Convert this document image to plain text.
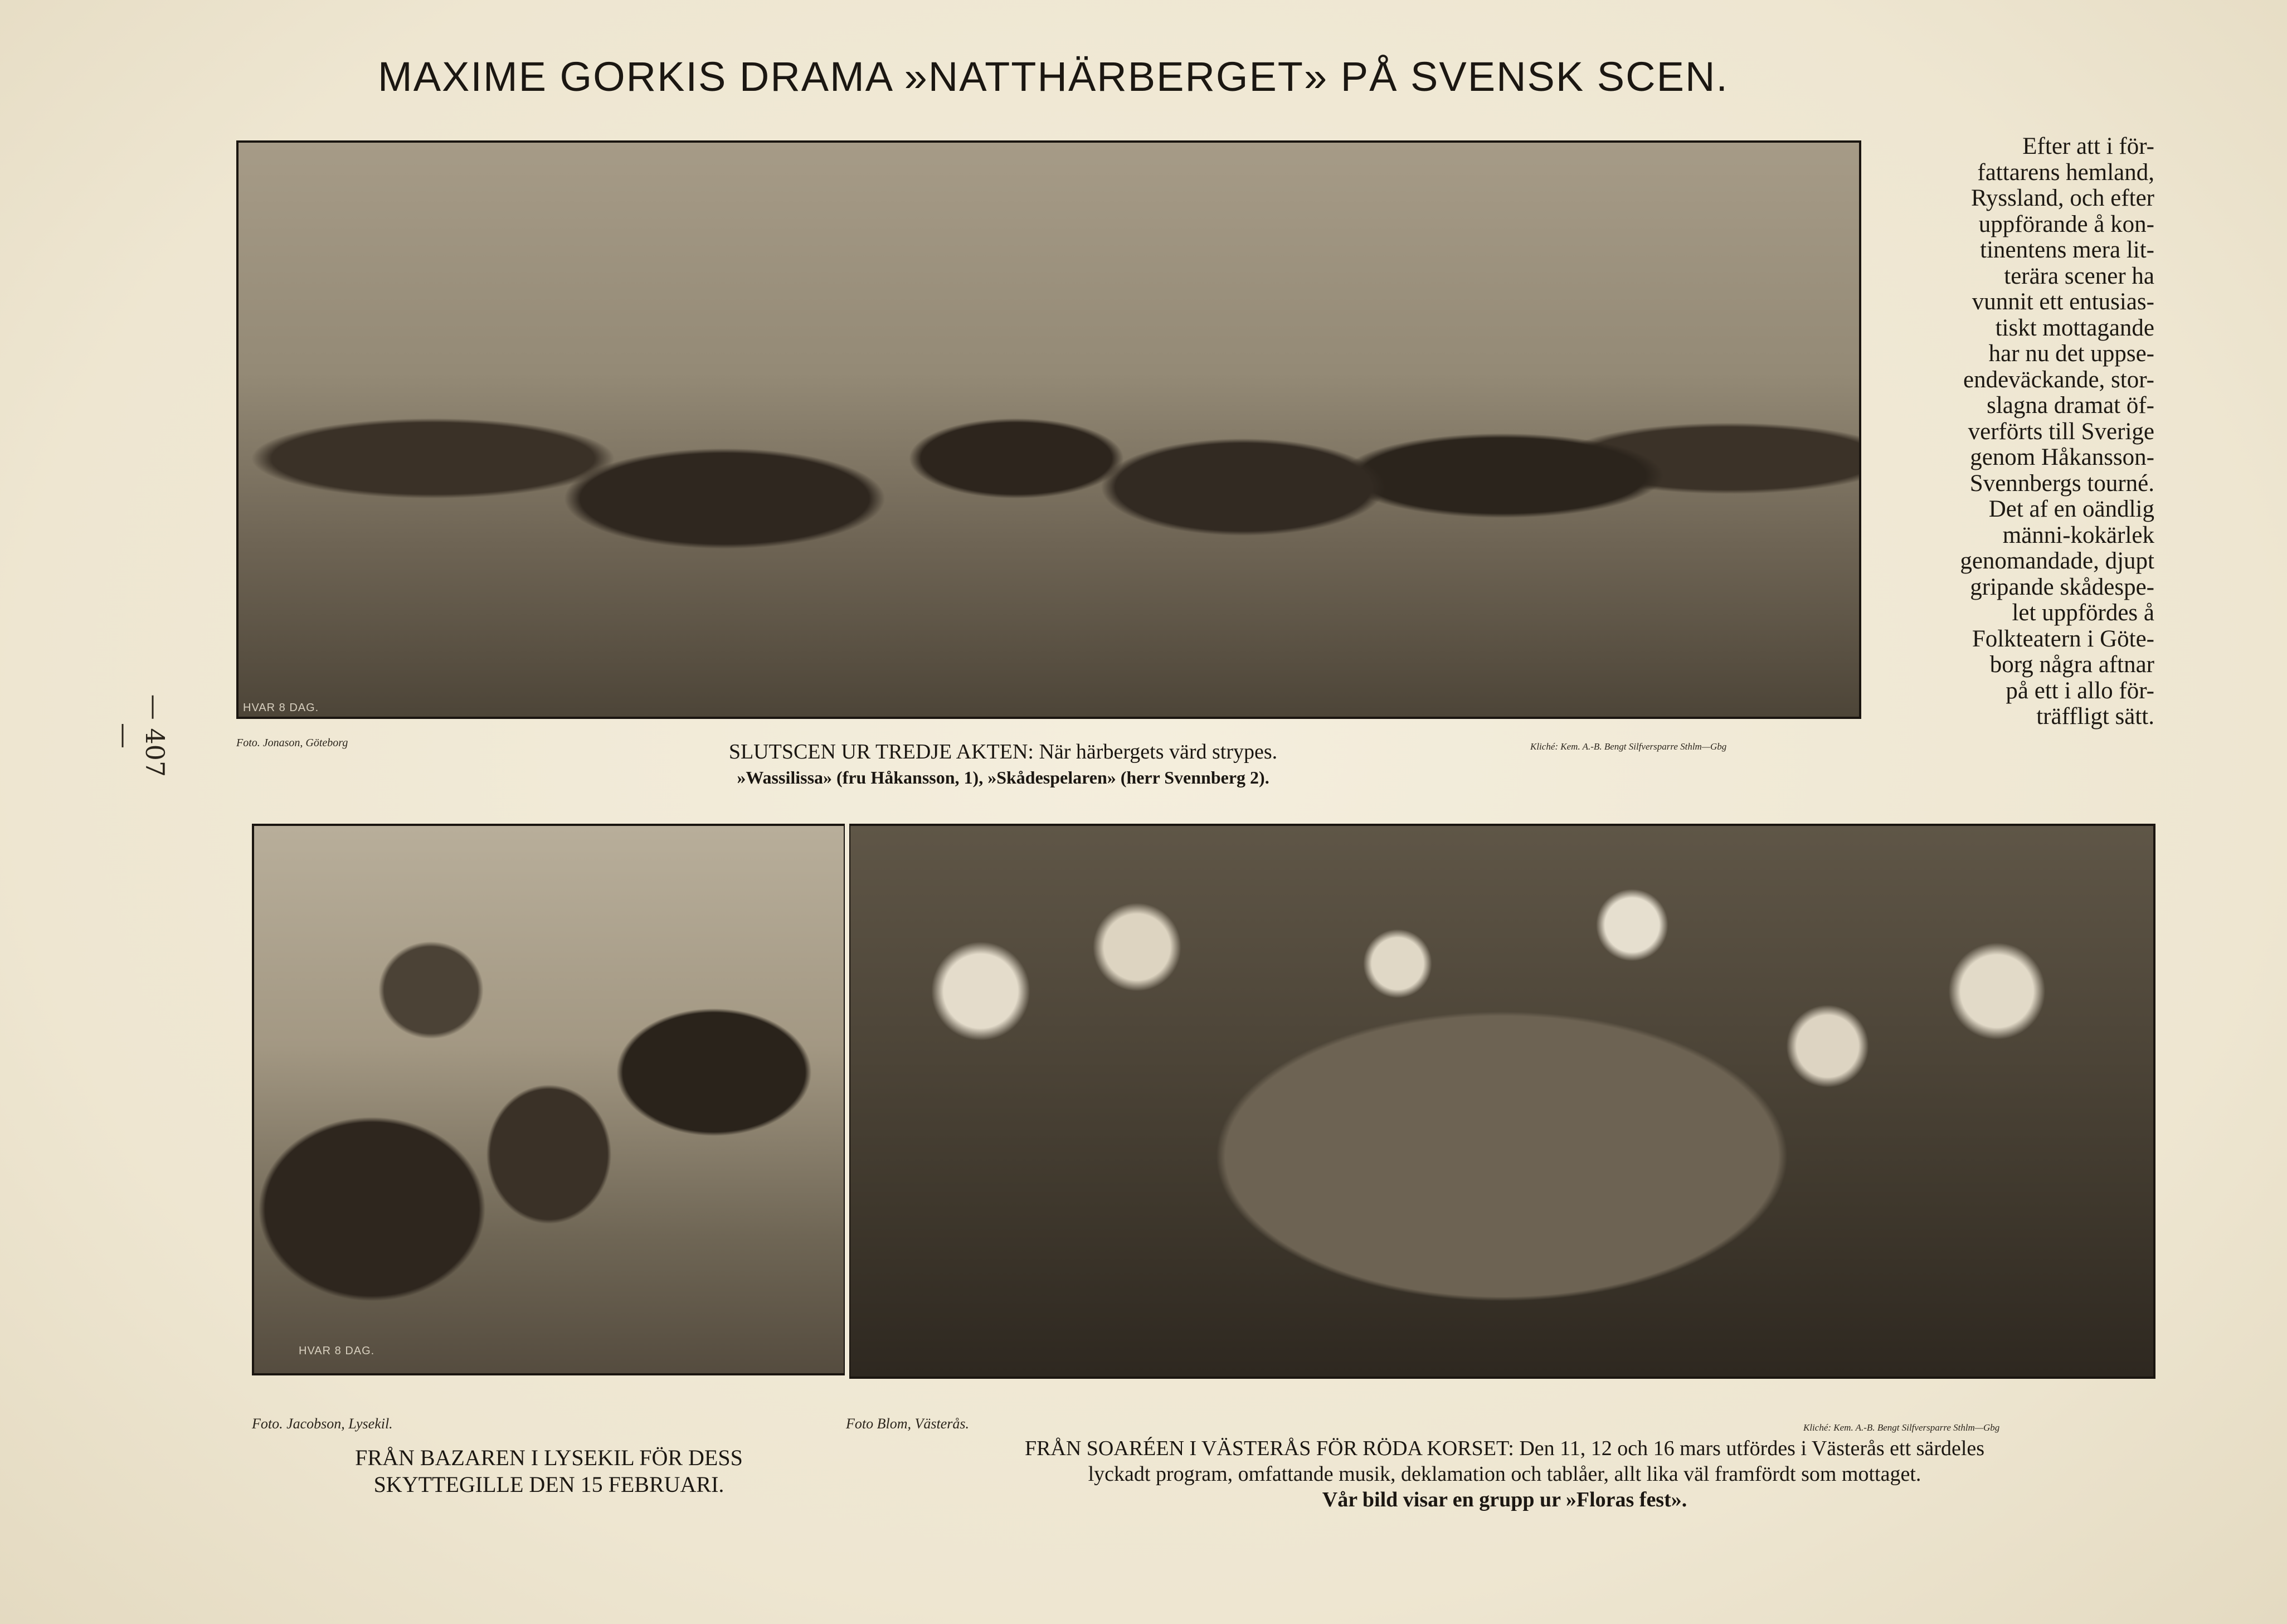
— 407 —
MAXIME GORKIS DRAMA »NATTHÄRBERGET» PÅ SVENSK SCEN.
HVAR 8 DAG.
Foto. Jonason, Göteborg	Kliché: Kem. A.-B. Bengt Silfversparre Sthlm—Gbg
SLUTSCEN UR TREDJE AKTEN: När härbergets värd strypes.
»Wassilissa» (fru Håkansson, 1), »Skådespelaren» (herr Svennberg 2).
HVAR 8 DAG.
Foto. Jacobson, Lysekil.	Foto Blom, Västerås.	Kliché: Kem. A.-B. Bengt Silfversparre Sthlm—Gbg
FRÅN BAZAREN I LYSEKIL FÖR DESS
SKYTTEGILLE DEN 15 FEBRUARI.
FRÅN SOARÉEN I VÄSTERÅS FÖR RÖDA KORSET: Den 11, 12 och 16 mars utfördes i Västerås ett särdeles
lyckadt program, omfattande musik, deklamation och tablåer, allt lika väl framfördt som mottaget.
Vår bild visar en grupp ur »Floras fest».
Efter att i för-
fattarens hemland,
Ryssland, och efter
uppförande å kon-
tinentens mera lit-
terära scener ha
vunnit ett entusias-
tiskt mottagande
har nu det uppse-
endeväckande, stor-
slagna dramat öf-
verförts till Sverige
genom Håkansson-
Svennbergs tourné.
Det af en oändlig
männi-kokärlek
genomandade, djupt
gripande skådespe-
let uppfördes å
Folkteatern i Göte-
borg några aftnar
på ett i allo för-
träffligt sätt.
